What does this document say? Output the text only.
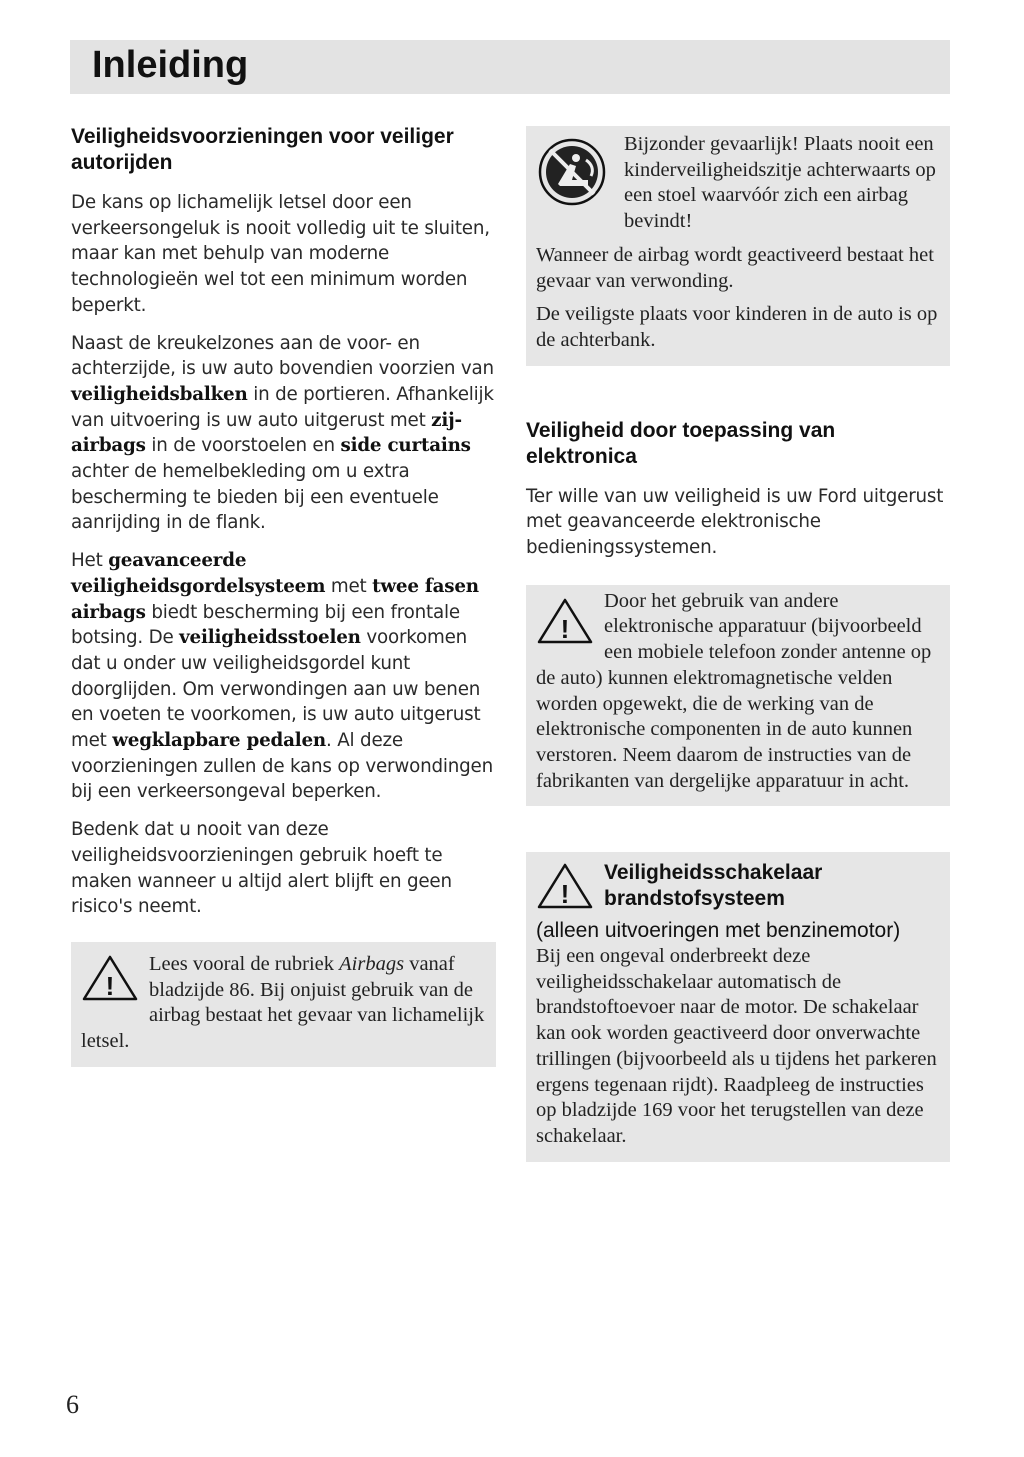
Inleiding
Veiligheidsvoorzieningen voor veiliger autorijden

De kans op lichamelijk letsel door een verkeersongeluk is nooit volledig uit te sluiten, maar kan met behulp van moderne technologieën wel tot een minimum worden beperkt.

Naast de kreukelzones aan de voor- en achterzijde, is uw auto bovendien voorzien van veiligheidsbalken in de portieren. Afhankelijk van uitvoering is uw auto uitgerust met zij-airbags in de voorstoelen en side curtains achter de hemelbekleding om u extra bescherming te bieden bij een eventuele aanrijding in de flank.

Het geavanceerde veiligheidsgordelsysteem met twee fasen airbags biedt bescherming bij een frontale botsing. De veiligheidsstoelen voorkomen dat u onder uw veiligheidsgordel kunt doorglijden. Om verwondingen aan uw benen en voeten te voorkomen, is uw auto uitgerust met wegklapbare pedalen. Al deze voorzieningen zullen de kans op verwondingen bij een verkeersongeval beperken.

Bedenk dat u nooit van deze veiligheidsvoorzieningen gebruik hoeft te maken wanneer u altijd alert blijft en geen risico's neemt.

!
Lees vooral de rubriek Airbags vanaf bladzijde 86. Bij onjuist gebruik van de airbag bestaat het gevaar van lichamelijk letsel.

Bijzonder gevaarlijk! Plaats nooit een kinderveiligheidszitje achterwaarts op een stoel waarvóór zich een airbag bevindt!

Wanneer de airbag wordt geactiveerd bestaat het gevaar van verwonding.

De veiligste plaats voor kinderen in de auto is op de achterbank.

Veiligheid door toepassing van elektronica

Ter wille van uw veiligheid is uw Ford uitgerust met geavanceerde elektronische bedieningssystemen.

!
Door het gebruik van andere elektronische apparatuur (bijvoorbeeld een mobiele telefoon zonder antenne op de auto) kunnen elektromagnetische velden worden opgewekt, die de werking van de elektronische componenten in de auto kunnen verstoren. Neem daarom de instructies van de fabrikanten van dergelijke apparatuur in acht.

!
Veiligheidsschakelaar brandstofsysteem
(alleen uitvoeringen met benzinemotor)

Bij een ongeval onderbreekt deze veiligheidsschakelaar automatisch de brandstoftoevoer naar de motor. De schakelaar kan ook worden geactiveerd door onverwachte trillingen (bijvoorbeeld als u tijdens het parkeren ergens tegenaan rijdt). Raadpleeg de instructies op bladzijde 169 voor het terugstellen van deze schakelaar.

6
